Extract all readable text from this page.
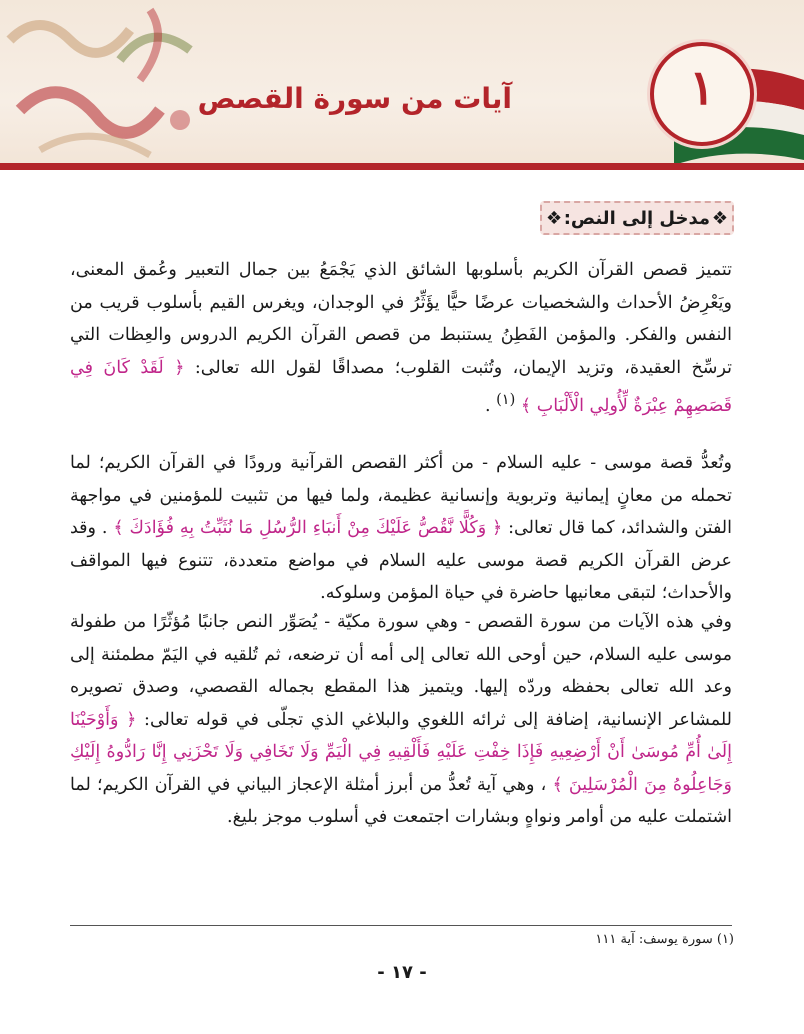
١
آيات من سورة القصص
❖
مدخل إلى النص:
❖
تتميز قصص القرآن الكريم بأسلوبها الشائق الذي يَجْمَعُ بين جمال التعبير وعُمق المعنى، ويَعْرِضُ الأحداث والشخصيات عرضًا حيًّا يؤَثِّرُ في الوجدان، ويغرس القيم بأسلوب قريب من النفس والفكر. والمؤمن الفَطِنُ يستنبط من قصص القرآن الكريم الدروس والعِظات التي ترسِّخ العقيدة، وتزيد الإيمان، وتُثبت القلوب؛ مصداقًا لقول الله تعالى: ﴿ لَقَدْ كَانَ فِي قَصَصِهِمْ عِبْرَةٌ لِّأُولِي الْأَلْبَابِ ﴾ $^{(١)}$ .
وتُعدُّ قصة موسى - عليه السلام - من أكثر القصص القرآنية ورودًا في القرآن الكريم؛ لما تحمله من معانٍ إيمانية وتربوية وإنسانية عظيمة، ولما فيها من تثبيت للمؤمنين في مواجهة الفتن والشدائد، كما قال تعالى: ﴿ وَكُلًّا نَّقُصُّ عَلَيْكَ مِنْ أَنبَاءِ الرُّسُلِ مَا نُثَبِّتُ بِهِ فُؤَادَكَ ﴾ . وقد عرض القرآن الكريم قصة موسى عليه السلام في مواضع متعددة، تتنوع فيها المواقف والأحداث؛ لتبقى معانيها حاضرة في حياة المؤمن وسلوكه.
وفي هذه الآيات من سورة القصص - وهي سورة مكيّة - يُصَوِّر النص جانبًا مُؤثّرًا من طفولة موسى عليه السلام، حين أوحى الله تعالى إلى أمه أن ترضعه، ثم تُلقيه في اليَمّ مطمئنة إلى وعد الله تعالى بحفظه وردّه إليها. ويتميز هذا المقطع بجماله القصصي، وصدق تصويره للمشاعر الإنسانية، إضافة إلى ثرائه اللغوي والبلاغي الذي تجلّى في قوله تعالى: ﴿ وَأَوْحَيْنَا إِلَىٰ أُمِّ مُوسَىٰ أَنْ أَرْضِعِيهِ فَإِذَا خِفْتِ عَلَيْهِ فَأَلْقِيهِ فِي الْيَمِّ وَلَا تَخَافِي وَلَا تَحْزَنِي إِنَّا رَادُّوهُ إِلَيْكِ وَجَاعِلُوهُ مِنَ الْمُرْسَلِينَ ﴾ ، وهي آية تُعدُّ من أبرز أمثلة الإعجاز البياني في القرآن الكريم؛ لما اشتملت عليه من أوامر ونواهٍ وبشارات اجتمعت في أسلوب موجز بليغ.
(١) سورة يوسف: آية ١١١
- ١٧ -
